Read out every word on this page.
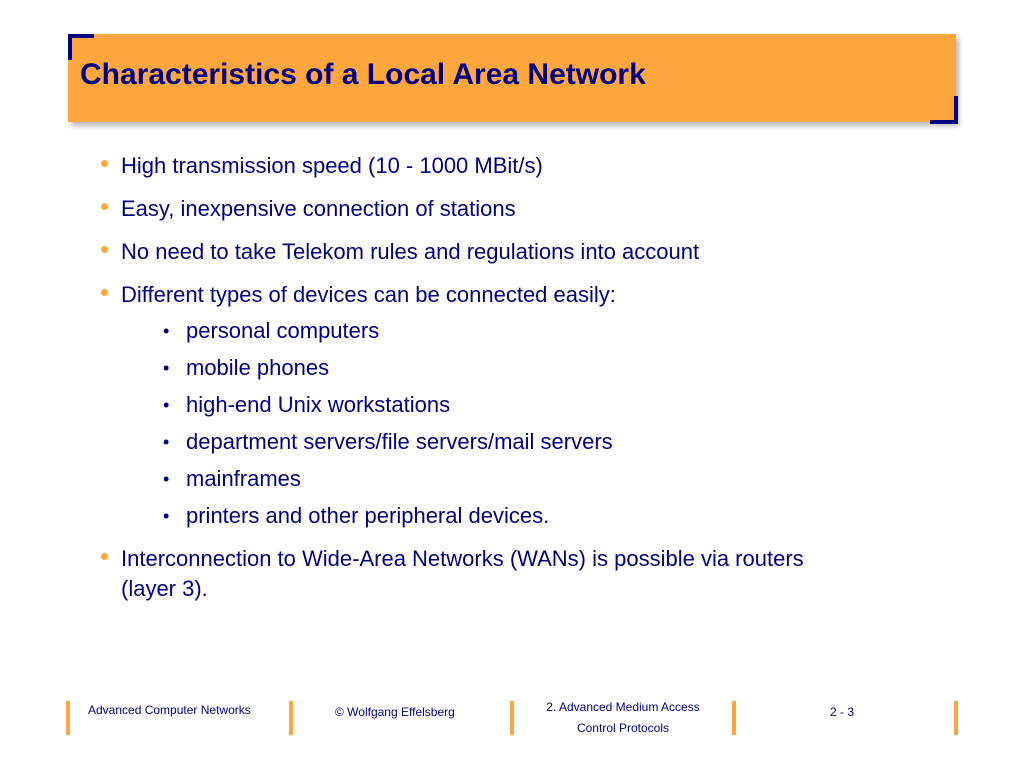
Characteristics of a Local Area Network
• High transmission speed (10 - 1000 MBit/s)
• Easy, inexpensive connection of stations
• No need to take Telekom rules and regulations into account
• Different types of devices can be connected easily:
• personal computers
• mobile phones
• high-end Unix workstations
• department servers/file servers/mail servers
• mainframes
• printers and other peripheral devices.
• Interconnection to Wide-Area Networks (WANs) is possible via routers
(layer 3).
Advanced Computer Networks	© Wolfgang Effelsberg	2. Advanced Medium Access
Control Protocols
2 - 3
